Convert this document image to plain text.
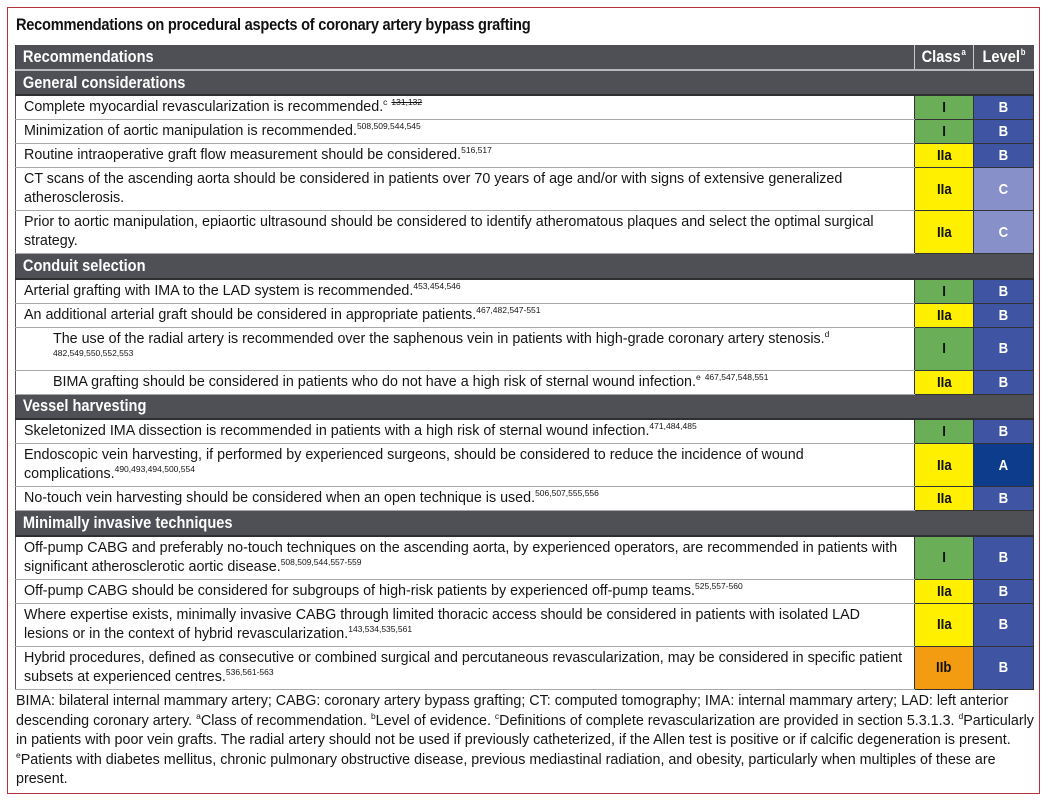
Recommendations on procedural aspects of coronary artery bypass grafting
Recommendations	Class$^a$	Level$^b$
General considerations		
Complete myocardial revascularization is recommended.$^c$ $^{131,132}$	I	B
Minimization of aortic manipulation is recommended.$^{508,509,544,545}$	I	B
Routine intraoperative graft flow measurement should be considered.$^{516,517}$	IIa	B
CT scans of the ascending aorta should be considered in patients over 70 years of age and/or with signs of extensive generalized atherosclerosis.	IIa	C
Prior to aortic manipulation, epiaortic ultrasound should be considered to identify atheromatous plaques and select the optimal surgical strategy.	IIa	C
Conduit selection		
Arterial grafting with IMA to the LAD system is recommended.$^{453,454,546}$	I	B
An additional arterial graft should be considered in appropriate patients.$^{467,482,547-551}$	IIa	B
The use of the radial artery is recommended over the saphenous vein in patients with high-grade coronary artery stenosis.$^d$ $^{482,549,550,552,553}$	I	B
BIMA grafting should be considered in patients who do not have a high risk of sternal wound infection.$^e$ $^{467,547,548,551}$	IIa	B
Vessel harvesting		
Skeletonized IMA dissection is recommended in patients with a high risk of sternal wound infection.$^{471,484,485}$	I	B
Endoscopic vein harvesting, if performed by experienced surgeons, should be considered to reduce the incidence of wound complications.$^{490,493,494,500,554}$	IIa	A
No-touch vein harvesting should be considered when an open technique is used.$^{506,507,555,556}$	IIa	B
Minimally invasive techniques		
Off-pump CABG and preferably no-touch techniques on the ascending aorta, by experienced operators, are recommended in patients with significant atherosclerotic aortic disease.$^{508,509,544,557-559}$	I	B
Off-pump CABG should be considered for subgroups of high-risk patients by experienced off-pump teams.$^{525,557-560}$	IIa	B
Where expertise exists, minimally invasive CABG through limited thoracic access should be considered in patients with isolated LAD lesions or in the context of hybrid revascularization.$^{143,534,535,561}$	IIa	B
Hybrid procedures, defined as consecutive or combined surgical and percutaneous revascularization, may be considered in specific patient subsets at experienced centres.$^{536,561-563}$	IIb	B
BIMA: bilateral internal mammary artery; CABG: coronary artery bypass grafting; CT: computed tomography; IMA: internal mammary artery; LAD: left anterior descending coronary artery. $^a$Class of recommendation. $^b$Level of evidence. $^c$Definitions of complete revascularization are provided in section 5.3.1.3. $^d$Particularly in patients with poor vein grafts. The radial artery should not be used if previously catheterized, if the Allen test is positive or if calcific degeneration is present. $^e$Patients with diabetes mellitus, chronic pulmonary obstructive disease, previous mediastinal radiation, and obesity, particularly when multiples of these are present.
